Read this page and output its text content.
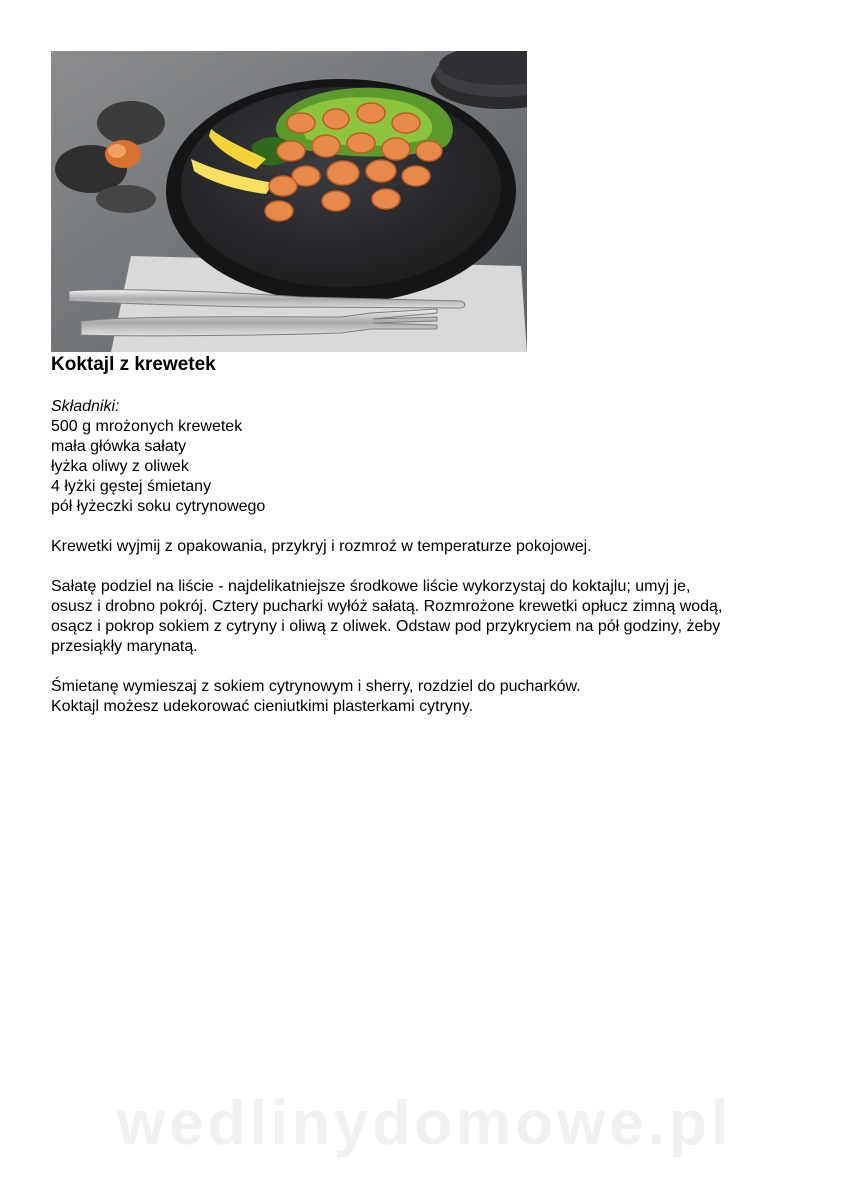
Koktajl z krewetek

Składniki:

500 g mrożonych krewetek
mała główka sałaty
łyżka oliwy z oliwek
4 łyżki gęstej śmietany
pół łyżeczki soku cytrynowego

Krewetki wyjmij z opakowania, przykryj i rozmroź w temperaturze pokojowej.

Sałatę podziel na liście - najdelikatniejsze środkowe liście wykorzystaj do koktajlu; umyj je,

osusz i drobno pokrój. Cztery pucharki wyłóż sałatą. Rozmrożone krewetki opłucz zimną wodą,

osącz i pokrop sokiem z cytryny i oliwą z oliwek. Odstaw pod przykryciem na pół godziny, żeby

przesiąkły marynatą.

Śmietanę wymieszaj z sokiem cytrynowym i sherry, rozdziel do pucharków.

Koktajl możesz udekorować cieniutkimi plasterkami cytryny.

wedlinydomowe.pl
